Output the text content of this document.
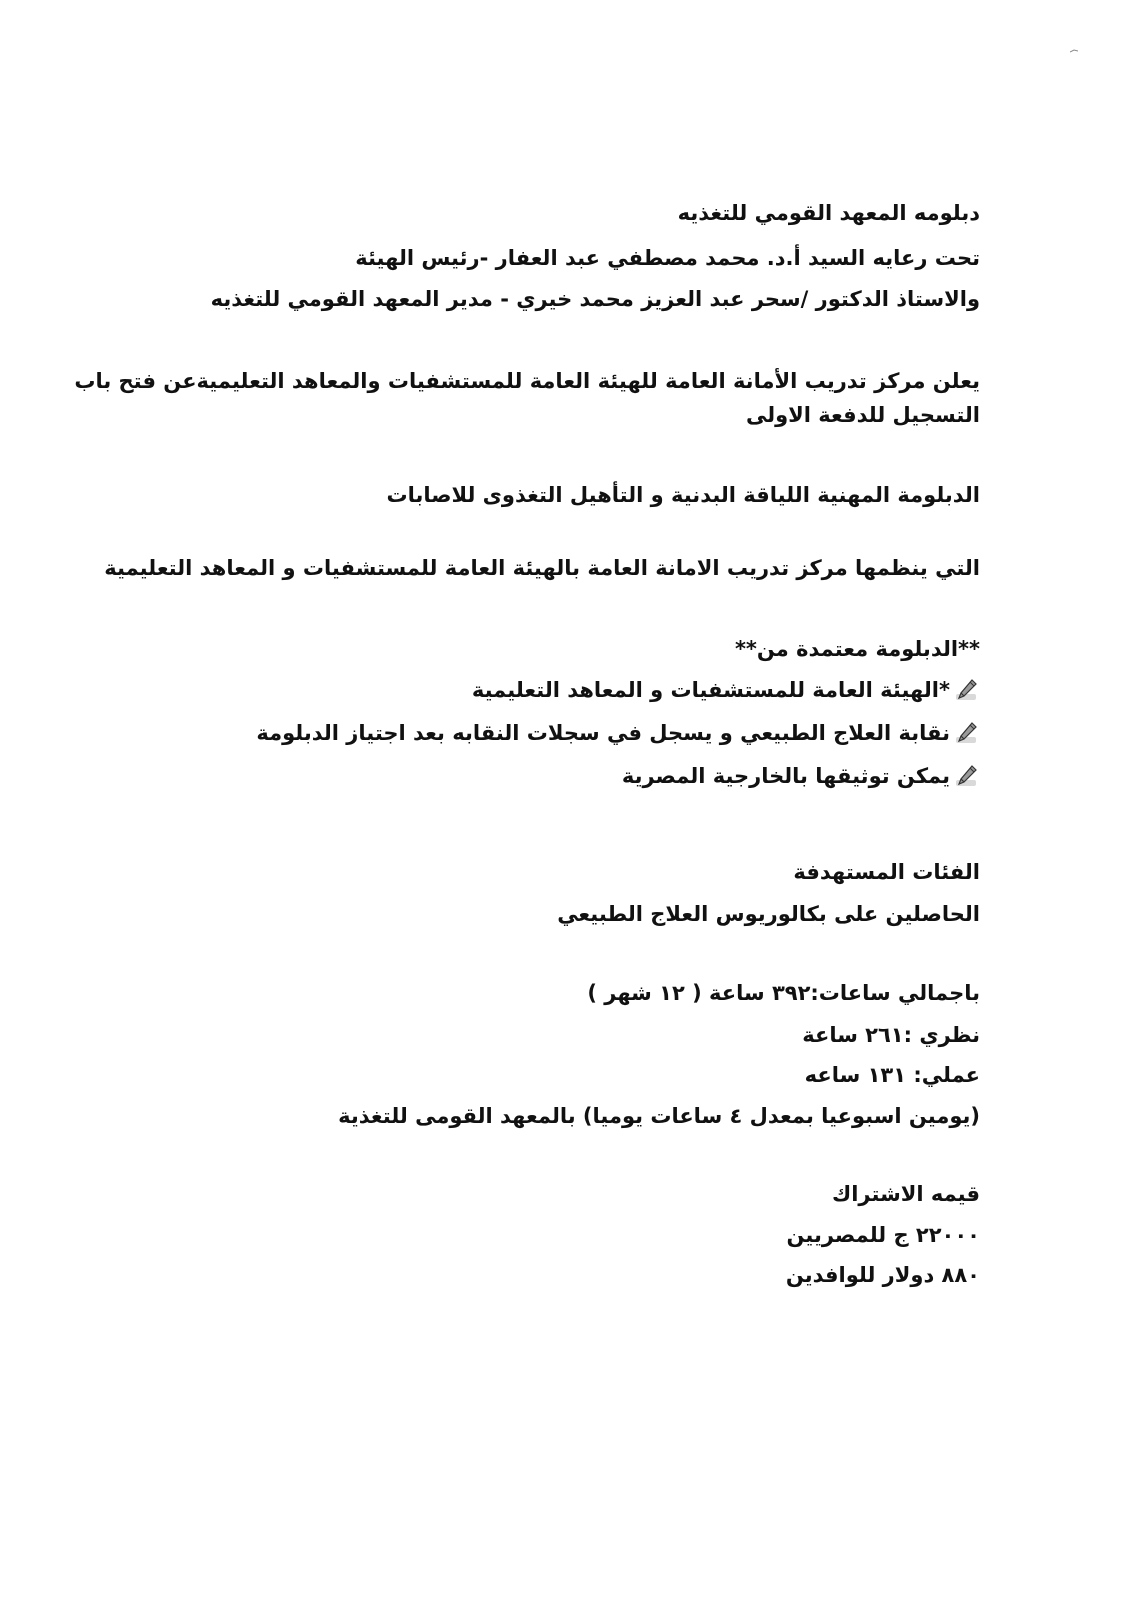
دبلومه المعهد القومي للتغذيه
تحت رعايه السيد أ.د. محمد مصطفي عبد العفار -رئيس الهيئة
والاستاذ الدكتور /سحر عبد العزيز محمد خيري - مدير المعهد القومي للتغذيه
يعلن مركز تدريب الأمانة العامة للهيئة العامة للمستشفيات والمعاهد التعليميةعن فتح باب
التسجيل للدفعة الاولى
الدبلومة المهنية اللياقة البدنية و التأهيل التغذوى للاصابات
التي ينظمها مركز تدريب الامانة العامة بالهيئة العامة للمستشفيات و المعاهد التعليمية
**الدبلومة معتمدة من**
*الهيئة العامة للمستشفيات و المعاهد التعليمية
نقابة العلاج الطبيعي و يسجل في سجلات النقابه بعد اجتياز الدبلومة
يمكن توثيقها بالخارجية المصرية
الفئات المستهدفة
الحاصلين على بكالوريوس العلاج الطبيعي
باجمالي ساعات:٣٩٢ ساعة ( ١٢ شهر )
نظري :٢٦١ ساعة
عملي: ١٣١ ساعه
(يومين اسبوعيا بمعدل ٤ ساعات يوميا) بالمعهد القومى للتغذية
قيمه الاشتراك
٢٢٠٠٠ ج للمصريين
٨٨٠ دولار للوافدين
